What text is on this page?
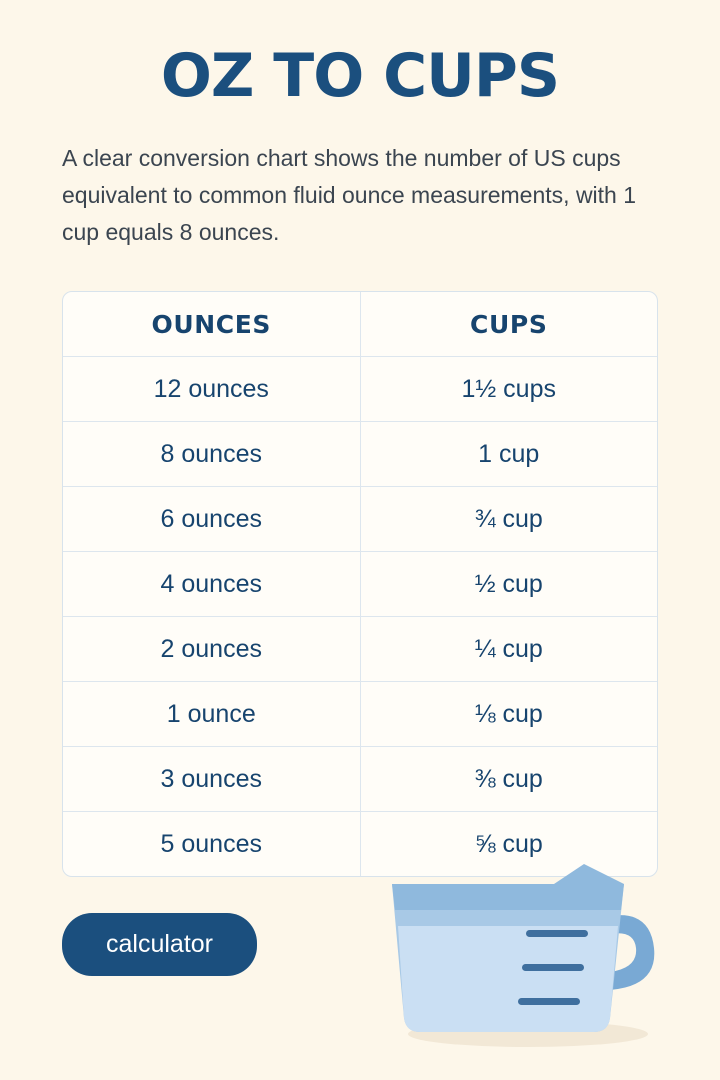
OZ TO CUPS

A clear conversion chart shows the number of US cups equivalent to common fluid ounce measurements, with 1 cup equals 8 ounces.

OUNCES	CUPS
12 ounces	1½ cups
8 ounces	1 cup
6 ounces	¾ cup
4 ounces	½ cup
2 ounces	¼ cup
1 ounce	⅛ cup
3 ounces	⅜ cup
5 ounces	⅝ cup
calculator
